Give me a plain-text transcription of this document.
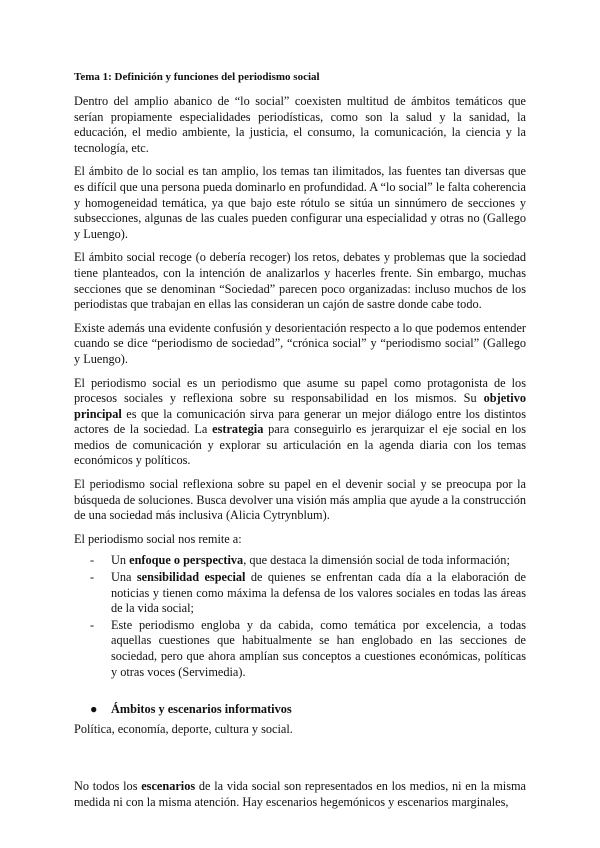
Tema 1: Definición y funciones del periodismo social

Dentro del amplio abanico de “lo social” coexisten multitud de ámbitos temáticos que serían propiamente especialidades periodísticas, como son la salud y la sanidad, la educación, el medio ambiente, la justicia, el consumo, la comunicación, la ciencia y la tecnología, etc.

El ámbito de lo social es tan amplio, los temas tan ilimitados, las fuentes tan diversas que es difícil que una persona pueda dominarlo en profundidad. A “lo social” le falta coherencia y homogeneidad temática, ya que bajo este rótulo se sitúa un sinnúmero de secciones y subsecciones, algunas de las cuales pueden configurar una especialidad y otras no (Gallego y Luengo).

El ámbito social recoge (o debería recoger) los retos, debates y problemas que la sociedad tiene planteados, con la intención de analizarlos y hacerles frente. Sin embargo, muchas secciones que se denominan “Sociedad” parecen poco organizadas: incluso muchos de los periodistas que trabajan en ellas las consideran un cajón de sastre donde cabe todo.

Existe además una evidente confusión y desorientación respecto a lo que podemos entender cuando se dice “periodismo de sociedad”, “crónica social” y “periodismo social” (Gallego y Luengo).

El periodismo social es un periodismo que asume su papel como protagonista de los procesos sociales y reflexiona sobre su responsabilidad en los mismos. Su objetivo principal es que la comunicación sirva para generar un mejor diálogo entre los distintos actores de la sociedad. La estrategia para conseguirlo es jerarquizar el eje social en los medios de comunicación y explorar su articulación en la agenda diaria con los temas económicos y políticos.

El periodismo social reflexiona sobre su papel en el devenir social y se preocupa por la búsqueda de soluciones. Busca devolver una visión más amplia que ayude a la construcción de una sociedad más inclusiva (Alicia Cytrynblum).

El periodismo social nos remite a:

- Un enfoque o perspectiva, que destaca la dimensión social de toda información;
- Una sensibilidad especial de quienes se enfrentan cada día a la elaboración de noticias y tienen como máxima la defensa de los valores sociales en todas las áreas de la vida social;
- Este periodismo engloba y da cabida, como temática por excelencia, a todas aquellas cuestiones que habitualmente se han englobado en las secciones de sociedad, pero que ahora amplían sus conceptos a cuestiones económicas, políticas y otras voces (Servimedia).
● Ámbitos y escenarios informativos

Política, economía, deporte, cultura y social.

No todos los escenarios de la vida social son representados en los medios, ni en la misma medida ni con la misma atención. Hay escenarios hegemónicos y escenarios marginales,
